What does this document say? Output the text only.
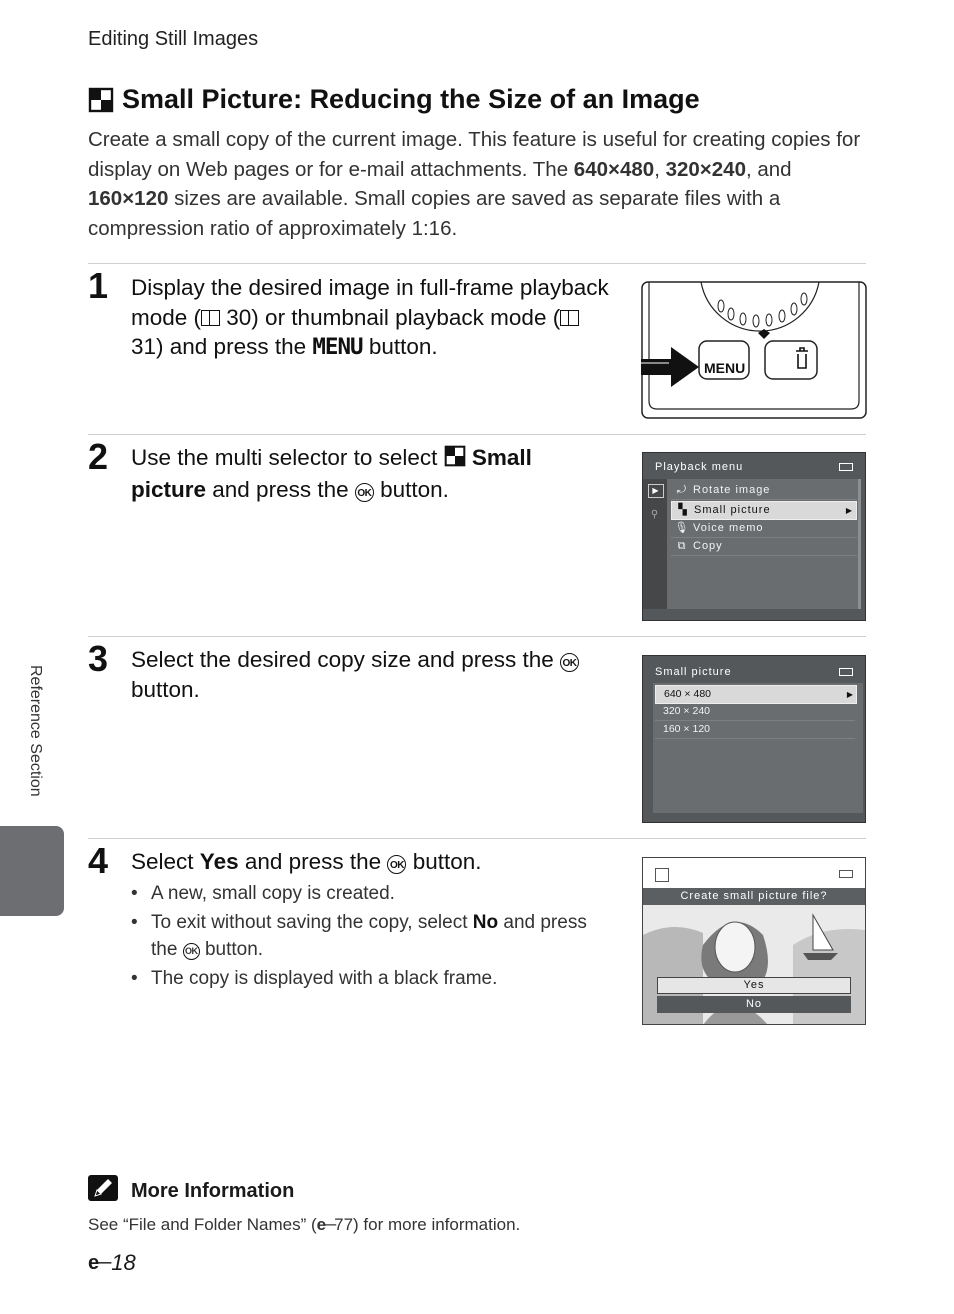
Editing Still Images
Small Picture: Reducing the Size of an Image
Create a small copy of the current image. This feature is useful for creating copies for display on Web pages or for e-mail attachments. The 640×480, 320×240, and 160×120 sizes are available. Small copies are saved as separate files with a compression ratio of approximately 1:16.
1 Display the desired image in full-frame playback mode ( 30) or thumbnail playback mode ( 31) and press the MENU button.
MENU
2 Use the multi selector to select  Small picture and press the OK button.
Playback menu
▶
⚲
⤾ Rotate image
▚ Small picture	▶
🎙 Voice memo
⧉ Copy
3 Select the desired copy size and press the OK button.
Small picture
640 × 480	▶
320 × 240
160 × 120
4 Select Yes and press the OK button.
• A new, small copy is created.
• To exit without saving the copy, select No and press the OK button.
• The copy is displayed with a black frame.
Create small picture file?
Yes
No
Reference Section
More Information
See “File and Folder Names” (e─77) for more information.
e─ 18
